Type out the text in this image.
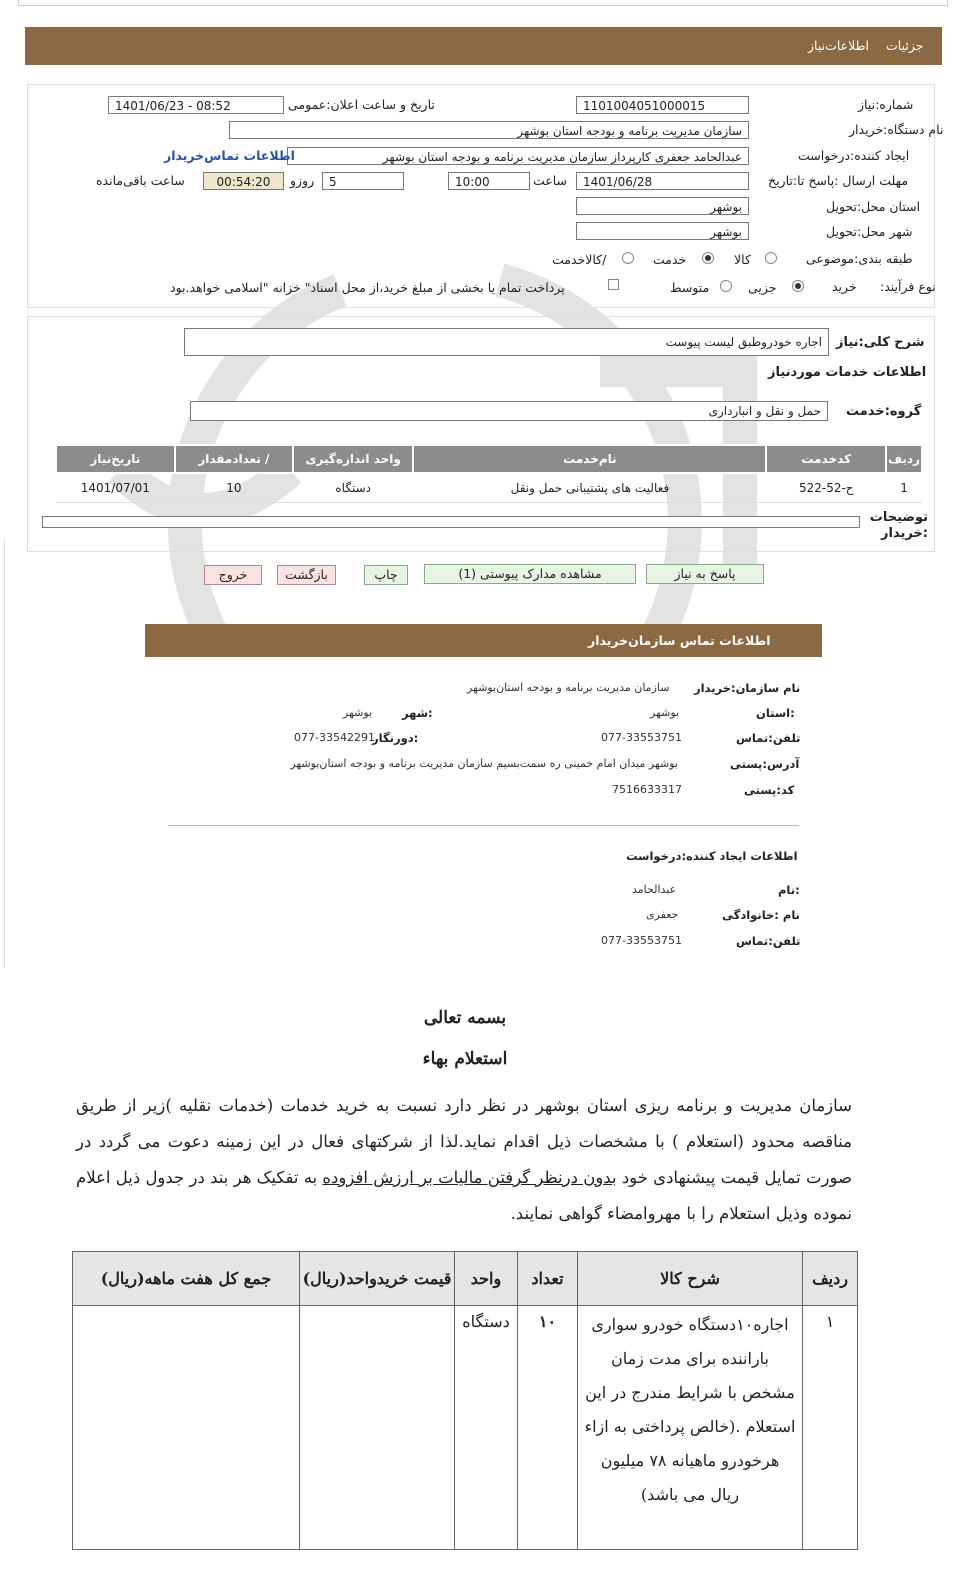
جزئیات
اطلاعات‌نیاز
شماره:نیاز
1101004051000015
تاریخ و ساعت اعلان:عمومی
1401/06/23 - 08:52
نام دستگاه:خریدار
سازمان مدیریت برنامه و بودجه استان بوشهر
ایجاد کننده:درخواست
عبدالحامد جعفری کارپرداز سازمان مدیریت برنامه و بودجه استان بوشهر
اطلاعات تماس‌خریدار
مهلت ارسال :پاسخ تا:تاریخ
1401/06/28
ساعت
10:00
5
روزو
00:54:20
ساعت باقی‌مانده
استان محل:تحویل
بوشهر
شهر محل:تحویل
بوشهر
طبقه بندی:موضوعی
کالا
خدمت
/کالاخدمت
نوع فرآیند:
خرید
جزیی
متوسط
پرداخت تمام یا بخشی از مبلغ خرید،از محل اسناد" خزانه "اسلامی خواهد.بود
شرح کلی:نیاز
اجاره خودروطبق لیست پیوست
اطلاعات خدمات موردنیاز
گروه:خدمت
حمل و نقل و انبارداری
ردیف	کدخدمت	نام‌خدمت	واحد اندازه‌گیری	/ تعدادمقدار	تاریخ‌نیاز
1	ح-52-522	فعالیت های پشتیبانی حمل ونقل	دستگاه	10	1401/07/01
توضیحات :خریدار
پاسخ به نیاز
مشاهده مدارک پیوستی (1)
چاپ
بازگشت
خروج
اطلاعات تماس سازمان‌خریدار
نام سازمان:خریدار
سازمان مدیریت برنامه و بودجه استان‌بوشهر
:استان
بوشهر
:شهر
بوشهر
تلفن:تماس
077-33553751
:دورنگار
077-33542291
آدرس:پستی
بوشهر میدان امام خمینی ره سمت‌بسیم سازمان مدیریت برنامه و بودجه استان‌بوشهر
کد:پستی
7516633317
اطلاعات ایجاد کننده:درخواست
:نام
عبدالحامد
نام :خانوادگی
جعفری
تلفن:تماس
077-33553751
بسمه تعالی
استعلام بهاء
سازمان مدیریت و برنامه ریزی استان بوشهر در نظر دارد نسبت به خرید خدمات (خدمات نقلیه )زیر از طریق مناقصه محدود (استعلام ) با مشخصات ذیل اقدام نماید.لذا از شرکتهای فعال در این زمینه دعوت می گردد در صورت تمایل قیمت پیشنهادی خود بدون درنظر گرفتن مالیات بر ارزش افزوده به تفکیک هر بند در جدول ذیل اعلام نموده وذیل استعلام را با مهروامضاء گواهی نمایند.
ردیف	شرح کالا	تعداد	واحد	قیمت خریدواحد(ریال)	جمع کل هفت ماهه(ریال)
۱	اجاره۱۰دستگاه خودرو سواری باراننده برای مدت زمان مشخص با شرایط مندرج در این استعلام .(خالص پرداختی به ازاء هرخودرو ماهیانه ۷۸ میلیون ریال می باشد)	۱۰	دستگاه		
